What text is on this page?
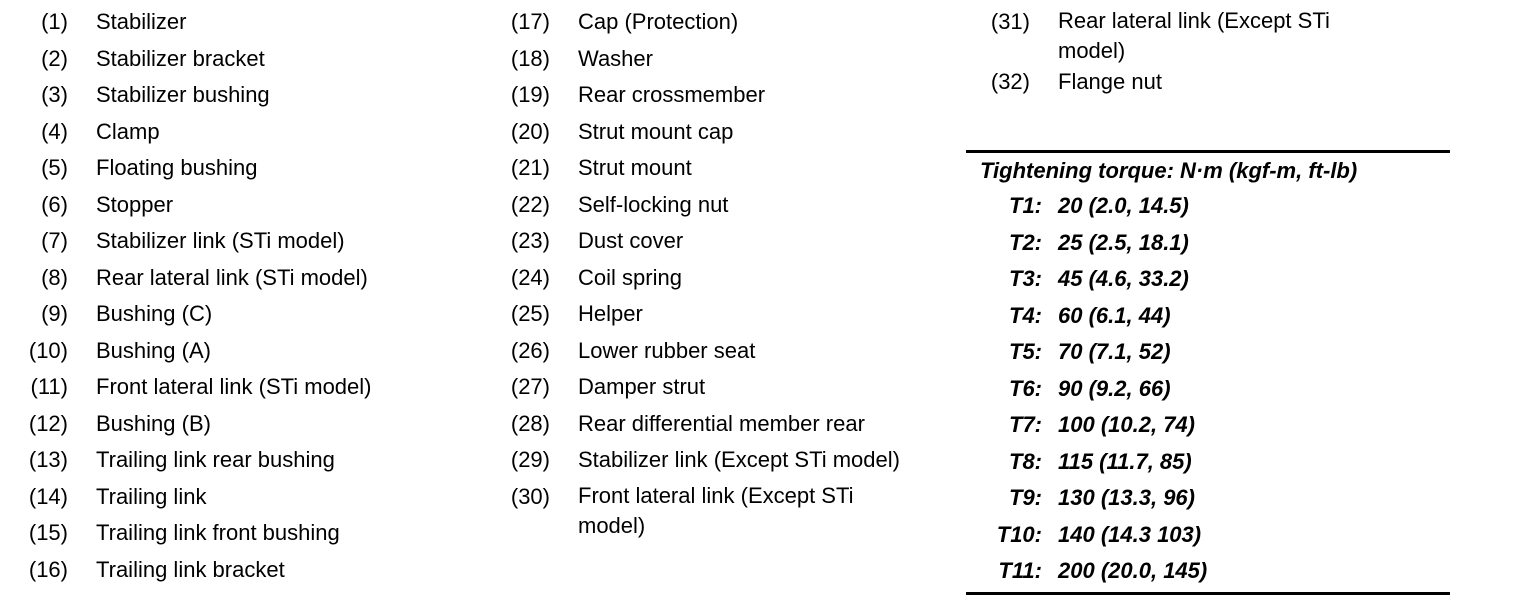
(1) Stabilizer
(2) Stabilizer bracket
(3) Stabilizer bushing
(4) Clamp
(5) Floating bushing
(6) Stopper
(7) Stabilizer link (STi model)
(8) Rear lateral link (STi model)
(9) Bushing (C)
(10) Bushing (A)
(11) Front lateral link (STi model)
(12) Bushing (B)
(13) Trailing link rear bushing
(14) Trailing link
(15) Trailing link front bushing
(16) Trailing link bracket
(17) Cap (Protection)
(18) Washer
(19) Rear crossmember
(20) Strut mount cap
(21) Strut mount
(22) Self-locking nut
(23) Dust cover
(24) Coil spring
(25) Helper
(26) Lower rubber seat
(27) Damper strut
(28) Rear differential member rear
(29) Stabilizer link (Except STi model)
(30) Front lateral link (Except STi model)
(31) Rear lateral link (Except STi model)
(32) Flange nut
Tightening torque: N·m (kgf-m, ft-lb)
T1: 20 (2.0, 14.5)
T2: 25 (2.5, 18.1)
T3: 45 (4.6, 33.2)
T4: 60 (6.1, 44)
T5: 70 (7.1, 52)
T6: 90 (9.2, 66)
T7: 100 (10.2, 74)
T8: 115 (11.7, 85)
T9: 130 (13.3, 96)
T10: 140 (14.3 103)
T11: 200 (20.0, 145)
